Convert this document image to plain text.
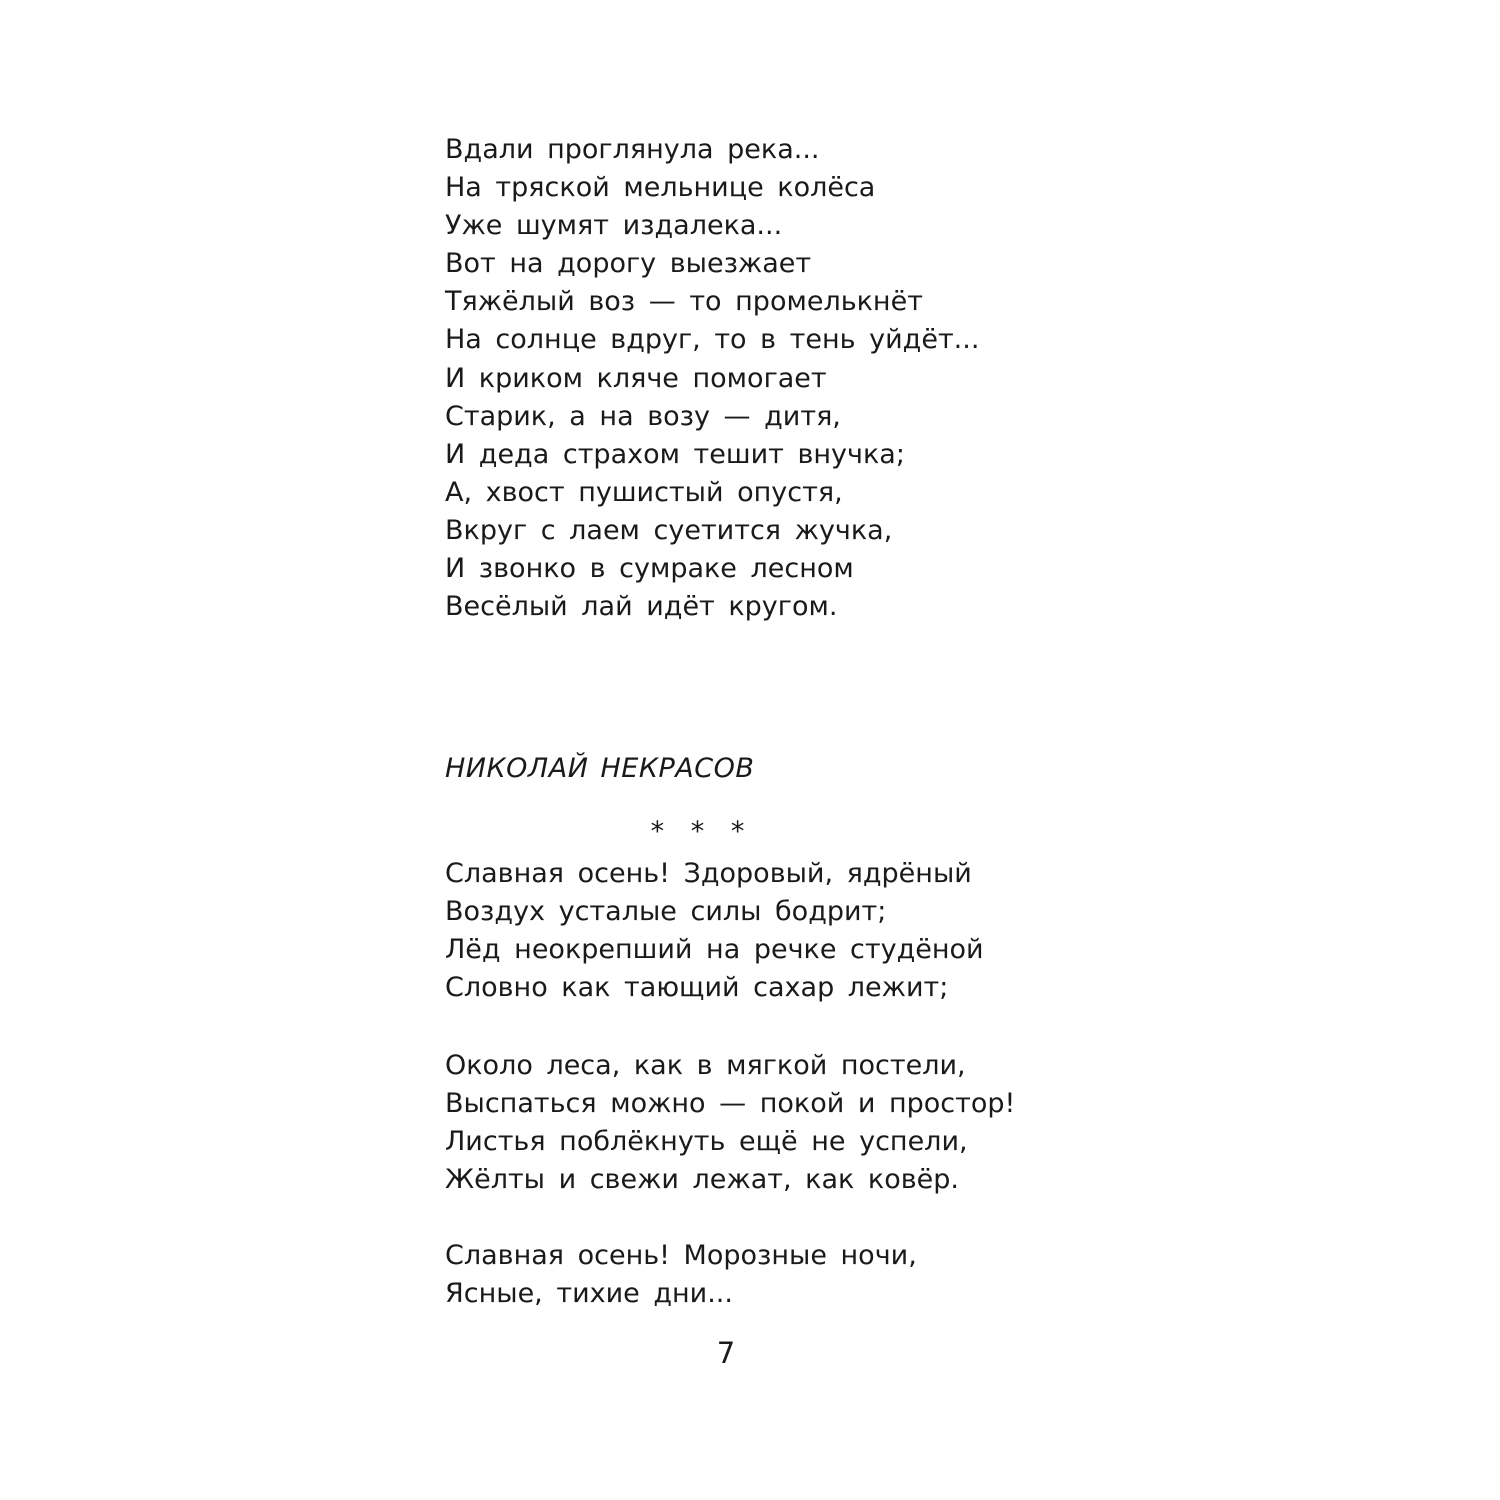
Вдали проглянула река...
На тряской мельнице колёса
Уже шумят издалека...
Вот на дорогу выезжает
Тяжёлый воз — то промелькнёт
На солнце вдруг, то в тень уйдёт...
И криком кляче помогает
Старик, а на возу — дитя,
И деда страхом тешит внучка;
А, хвост пушистый опустя,
Вкруг с лаем суетится жучка,
И звонко в сумраке лесном
Весёлый лай идёт кругом.
НИКОЛАЙ НЕКРАСОВ

* * *

Славная осень! Здоровый, ядрёный
Воздух усталые силы бодрит;
Лёд неокрепший на речке студёной
Словно как тающий сахар лежит;
Около леса, как в мягкой постели,
Выспаться можно — покой и простор!
Листья поблёкнуть ещё не успели,
Жёлты и свежи лежат, как ковёр.
Славная осень! Морозные ночи,
Ясные, тихие дни...

7
